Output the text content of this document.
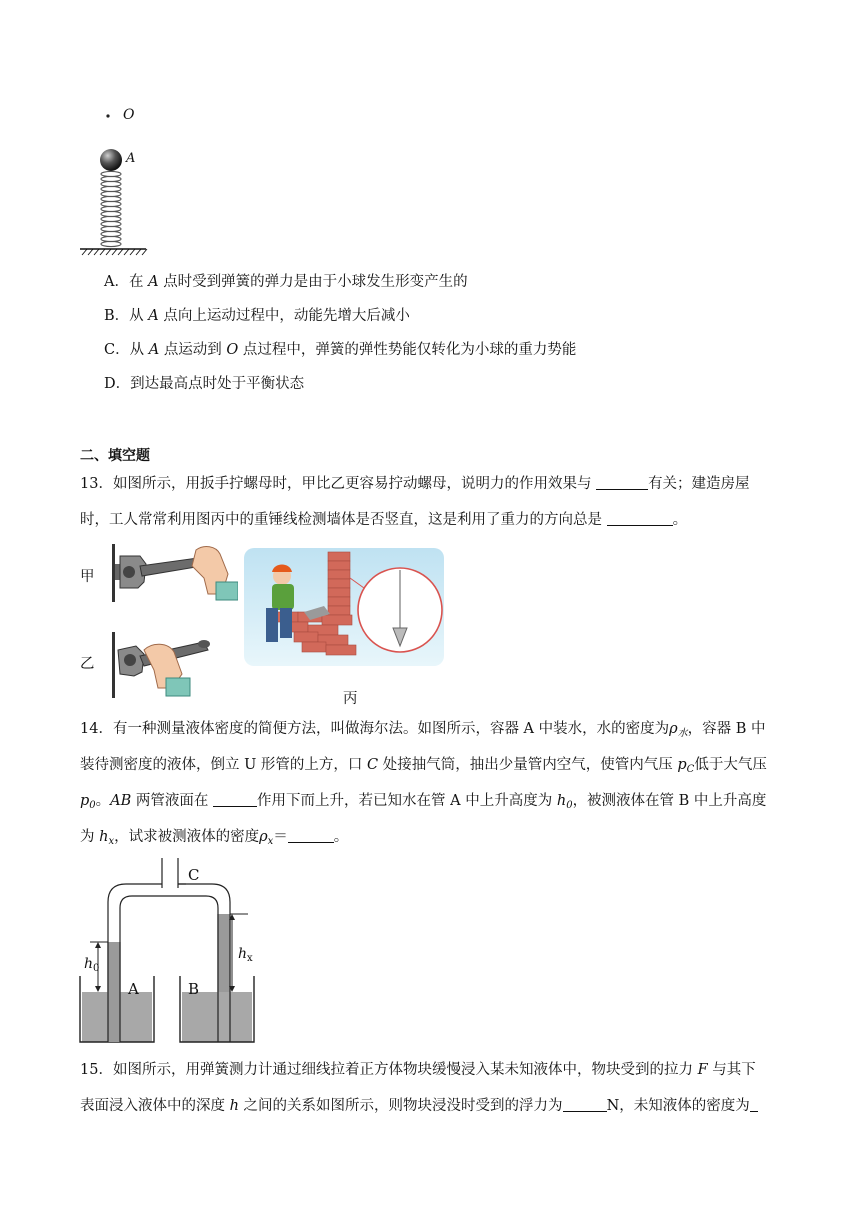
O
A
A．在 A 点时受到弹簧的弹力是由于小球发生形变产生的
B．从 A 点向上运动过程中，动能先增大后减小
C．从 A 点运动到 O 点过程中，弹簧的弹性势能仅转化为小球的重力势能
D．到达最高点时处于平衡状态
二、填空题
13．如图所示，用扳手拧螺母时，甲比乙更容易拧动螺母，说明力的作用效果与	有关；建造房屋
时，工人常常利用图丙中的重锤线检测墙体是否竖直，这是利用了重力的方向总是	。
甲
乙
丙
14．有一种测量液体密度的简便方法，叫做海尔法。如图所示，容器 A 中装水，水的密度为$\rho_水$，容器 B 中
装待测密度的液体，倒立 U 形管的上方，口 C 处接抽气筒，抽出少量管内空气，使管内气压 $p_C$低于大气压
$p_0$。AB 两管液面在	作用下而上升，若已知水在管 A 中上升高度为 $h_0$，被测液体在管 B 中上升高度
为 $h_x$，试求被测液体的密度$\rho_x=$	。
C
A	B
$h_0$
$h_x$
15．如图所示，用弹簧测力计通过细线拉着正方体物块缓慢浸入某未知液体中，物块受到的拉力 F 与其下
表面浸入液体中的深度 h 之间的关系如图所示，则物块浸没时受到的浮力为	N，未知液体的密度为
